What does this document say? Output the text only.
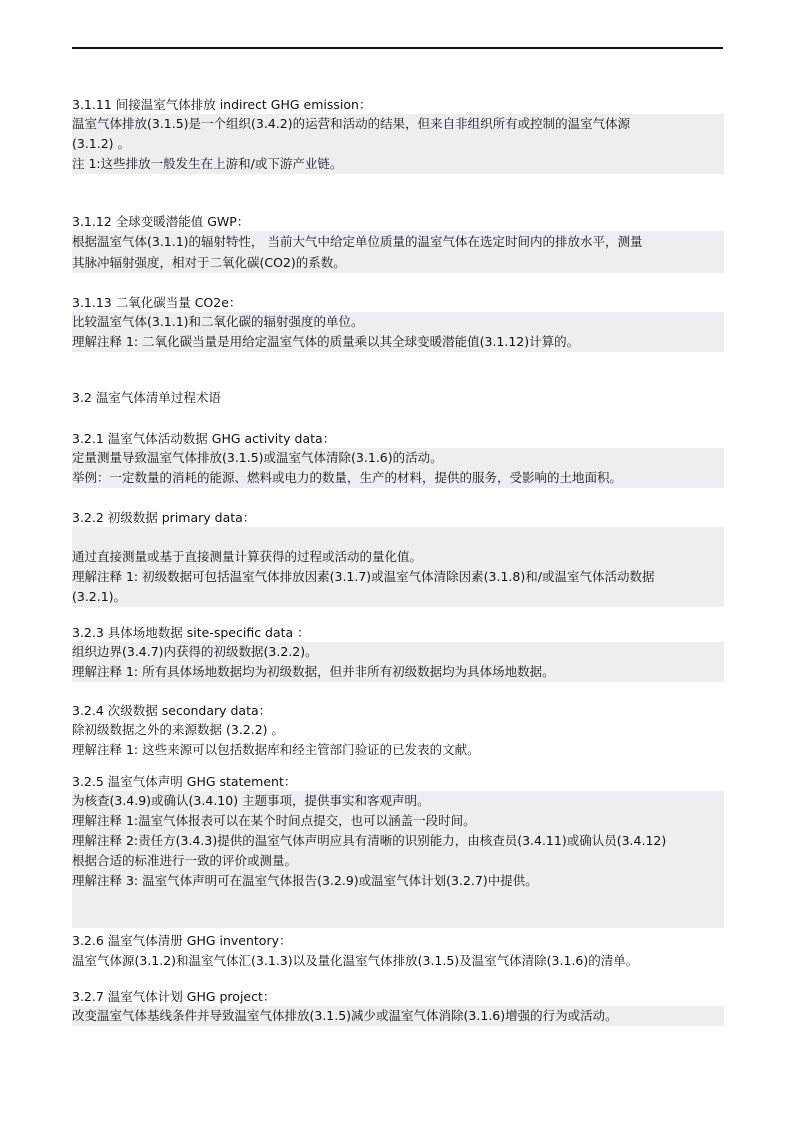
3.1.11 间接温室气体排放 indirect GHG emission：
温室气体排放(3.1.5)是一个组织(3.4.2)的运营和活动的结果，但来自非组织所有或控制的温室气体源
(3.1.2) 。
注 1:这些排放一般发生在上游和/或下游产业链。
3.1.12 全球变暖潜能值 GWP：
根据温室气体(3.1.1)的辐射特性， 当前大气中给定单位质量的温室气体在选定时间内的排放水平，测量
其脉冲辐射强度，相对于二氧化碳(CO2)的系数。
3.1.13 二氧化碳当量 CO2e：
比较温室气体(3.1.1)和二氧化碳的辐射强度的单位。
理解注释 1: 二氧化碳当量是用给定温室气体的质量乘以其全球变暖潜能值(3.1.12)计算的。
3.2 温室气体清单过程术语
3.2.1 温室气体活动数据 GHG activity data：
定量测量导致温室气体排放(3.1.5)或温室气体清除(3.1.6)的活动。
举例：一定数量的消耗的能源、燃料或电力的数量，生产的材料，提供的服务，受影响的土地面积。
3.2.2 初级数据 primary data：
通过直接测量或基于直接测量计算获得的过程或活动的量化值。
理解注释 1: 初级数据可包括温室气体排放因素(3.1.7)或温室气体清除因素(3.1.8)和/或温室气体活动数据
(3.2.1)。
3.2.3 具体场地数据 site-specific data ：
组织边界(3.4.7)内获得的初级数据(3.2.2)。
理解注释 1: 所有具体场地数据均为初级数据，但并非所有初级数据均为具体场地数据。
3.2.4 次级数据 secondary data：
除初级数据之外的来源数据 (3.2.2) 。
理解注释 1: 这些来源可以包括数据库和经主管部门验证的已发表的文献。
3.2.5 温室气体声明 GHG statement：
为核查(3.4.9)或确认(3.4.10) 主题事项，提供事实和客观声明。
理解注释 1:温室气体报表可以在某个时间点提交，也可以涵盖一段时间。
理解注释 2:责任方(3.4.3)提供的温室气体声明应具有清晰的识别能力，由核查员(3.4.11)或确认员(3.4.12)
根据合适的标准进行一致的评价或测量。
理解注释 3: 温室气体声明可在温室气体报告(3.2.9)或温室气体计划(3.2.7)中提供。
3.2.6 温室气体清册 GHG inventory：
温室气体源(3.1.2)和温室气体汇(3.1.3)以及量化温室气体排放(3.1.5)及温室气体清除(3.1.6)的清单。
3.2.7 温室气体计划 GHG project：
改变温室气体基线条件并导致温室气体排放(3.1.5)减少或温室气体消除(3.1.6)增强的行为或活动。
